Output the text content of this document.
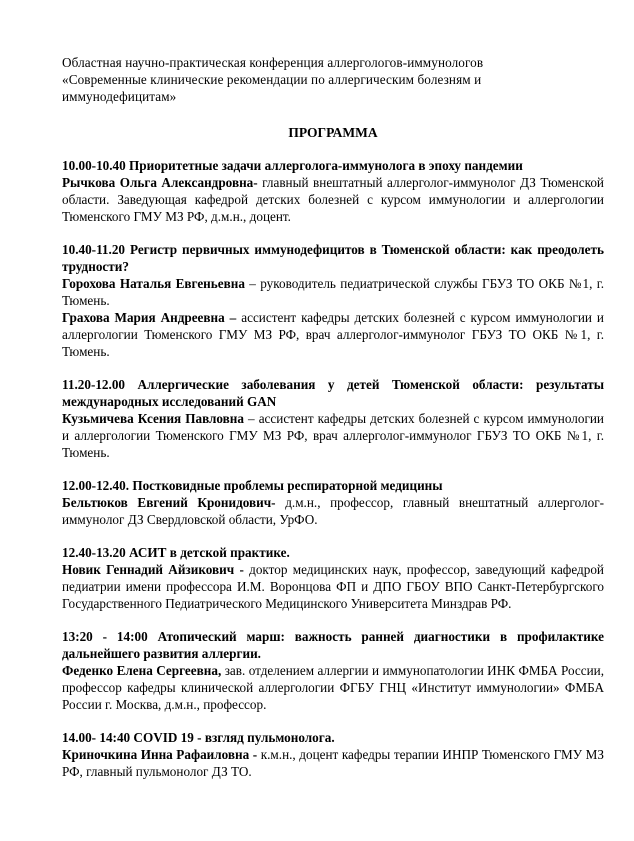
Областная научно-практическая конференция аллергологов-иммунологов
«Современные клинические рекомендации по аллергическим болезням и
иммунодефицитам»
ПРОГРАММА
10.00-10.40 Приоритетные задачи аллерголога-иммунолога в эпоху пандемии
Рычкова Ольга Александровна- главный внештатный аллерголог-иммунолог ДЗ Тюменской области. Заведующая кафедрой детских болезней с курсом иммунологии и аллергологии Тюменского ГМУ МЗ РФ, д.м.н., доцент.
10.40-11.20 Регистр первичных иммунодефицитов в Тюменской области: как преодолеть трудности?
Горохова Наталья Евгеньевна – руководитель педиатрической службы ГБУЗ ТО ОКБ №1, г. Тюмень.
Грахова Мария Андреевна – ассистент кафедры детских болезней с курсом иммунологии и аллергологии Тюменского ГМУ МЗ РФ, врач аллерголог-иммунолог ГБУЗ ТО ОКБ №1, г. Тюмень.
11.20-12.00 Аллергические заболевания у детей Тюменской области: результаты международных исследований GAN
Кузьмичева Ксения Павловна – ассистент кафедры детских болезней с курсом иммунологии и аллергологии Тюменского ГМУ МЗ РФ, врач аллерголог-иммунолог ГБУЗ ТО ОКБ №1, г. Тюмень.
12.00-12.40. Постковидные проблемы респираторной медицины
Бельтюков Евгений Кронидович- д.м.н., профессор, главный внештатный аллерголог-иммунолог ДЗ Свердловской области, УрФО.
12.40-13.20 АСИТ в детской практике.
Новик Геннадий Айзикович - доктор медицинских наук, профессор, заведующий кафедрой педиатрии имени профессора И.М. Воронцова ФП и ДПО ГБОУ ВПО Санкт-Петербургского Государственного Педиатрического Медицинского Университета Минздрав РФ.
13:20 - 14:00 Атопический марш: важность ранней диагностики в профилактике дальнейшего развития аллергии.
Феденко Елена Сергеевна, зав. отделением аллергии и иммунопатологии ИНК ФМБА России, профессор кафедры клинической аллергологии ФГБУ ГНЦ «Институт иммунологии» ФМБА России г. Москва, д.м.н., профессор.
14.00- 14:40 COVID 19 - взгляд пульмонолога.
Криночкина Инна Рафаиловна - к.м.н., доцент кафедры терапии ИНПР Тюменского ГМУ МЗ РФ, главный пульмонолог ДЗ ТО.
